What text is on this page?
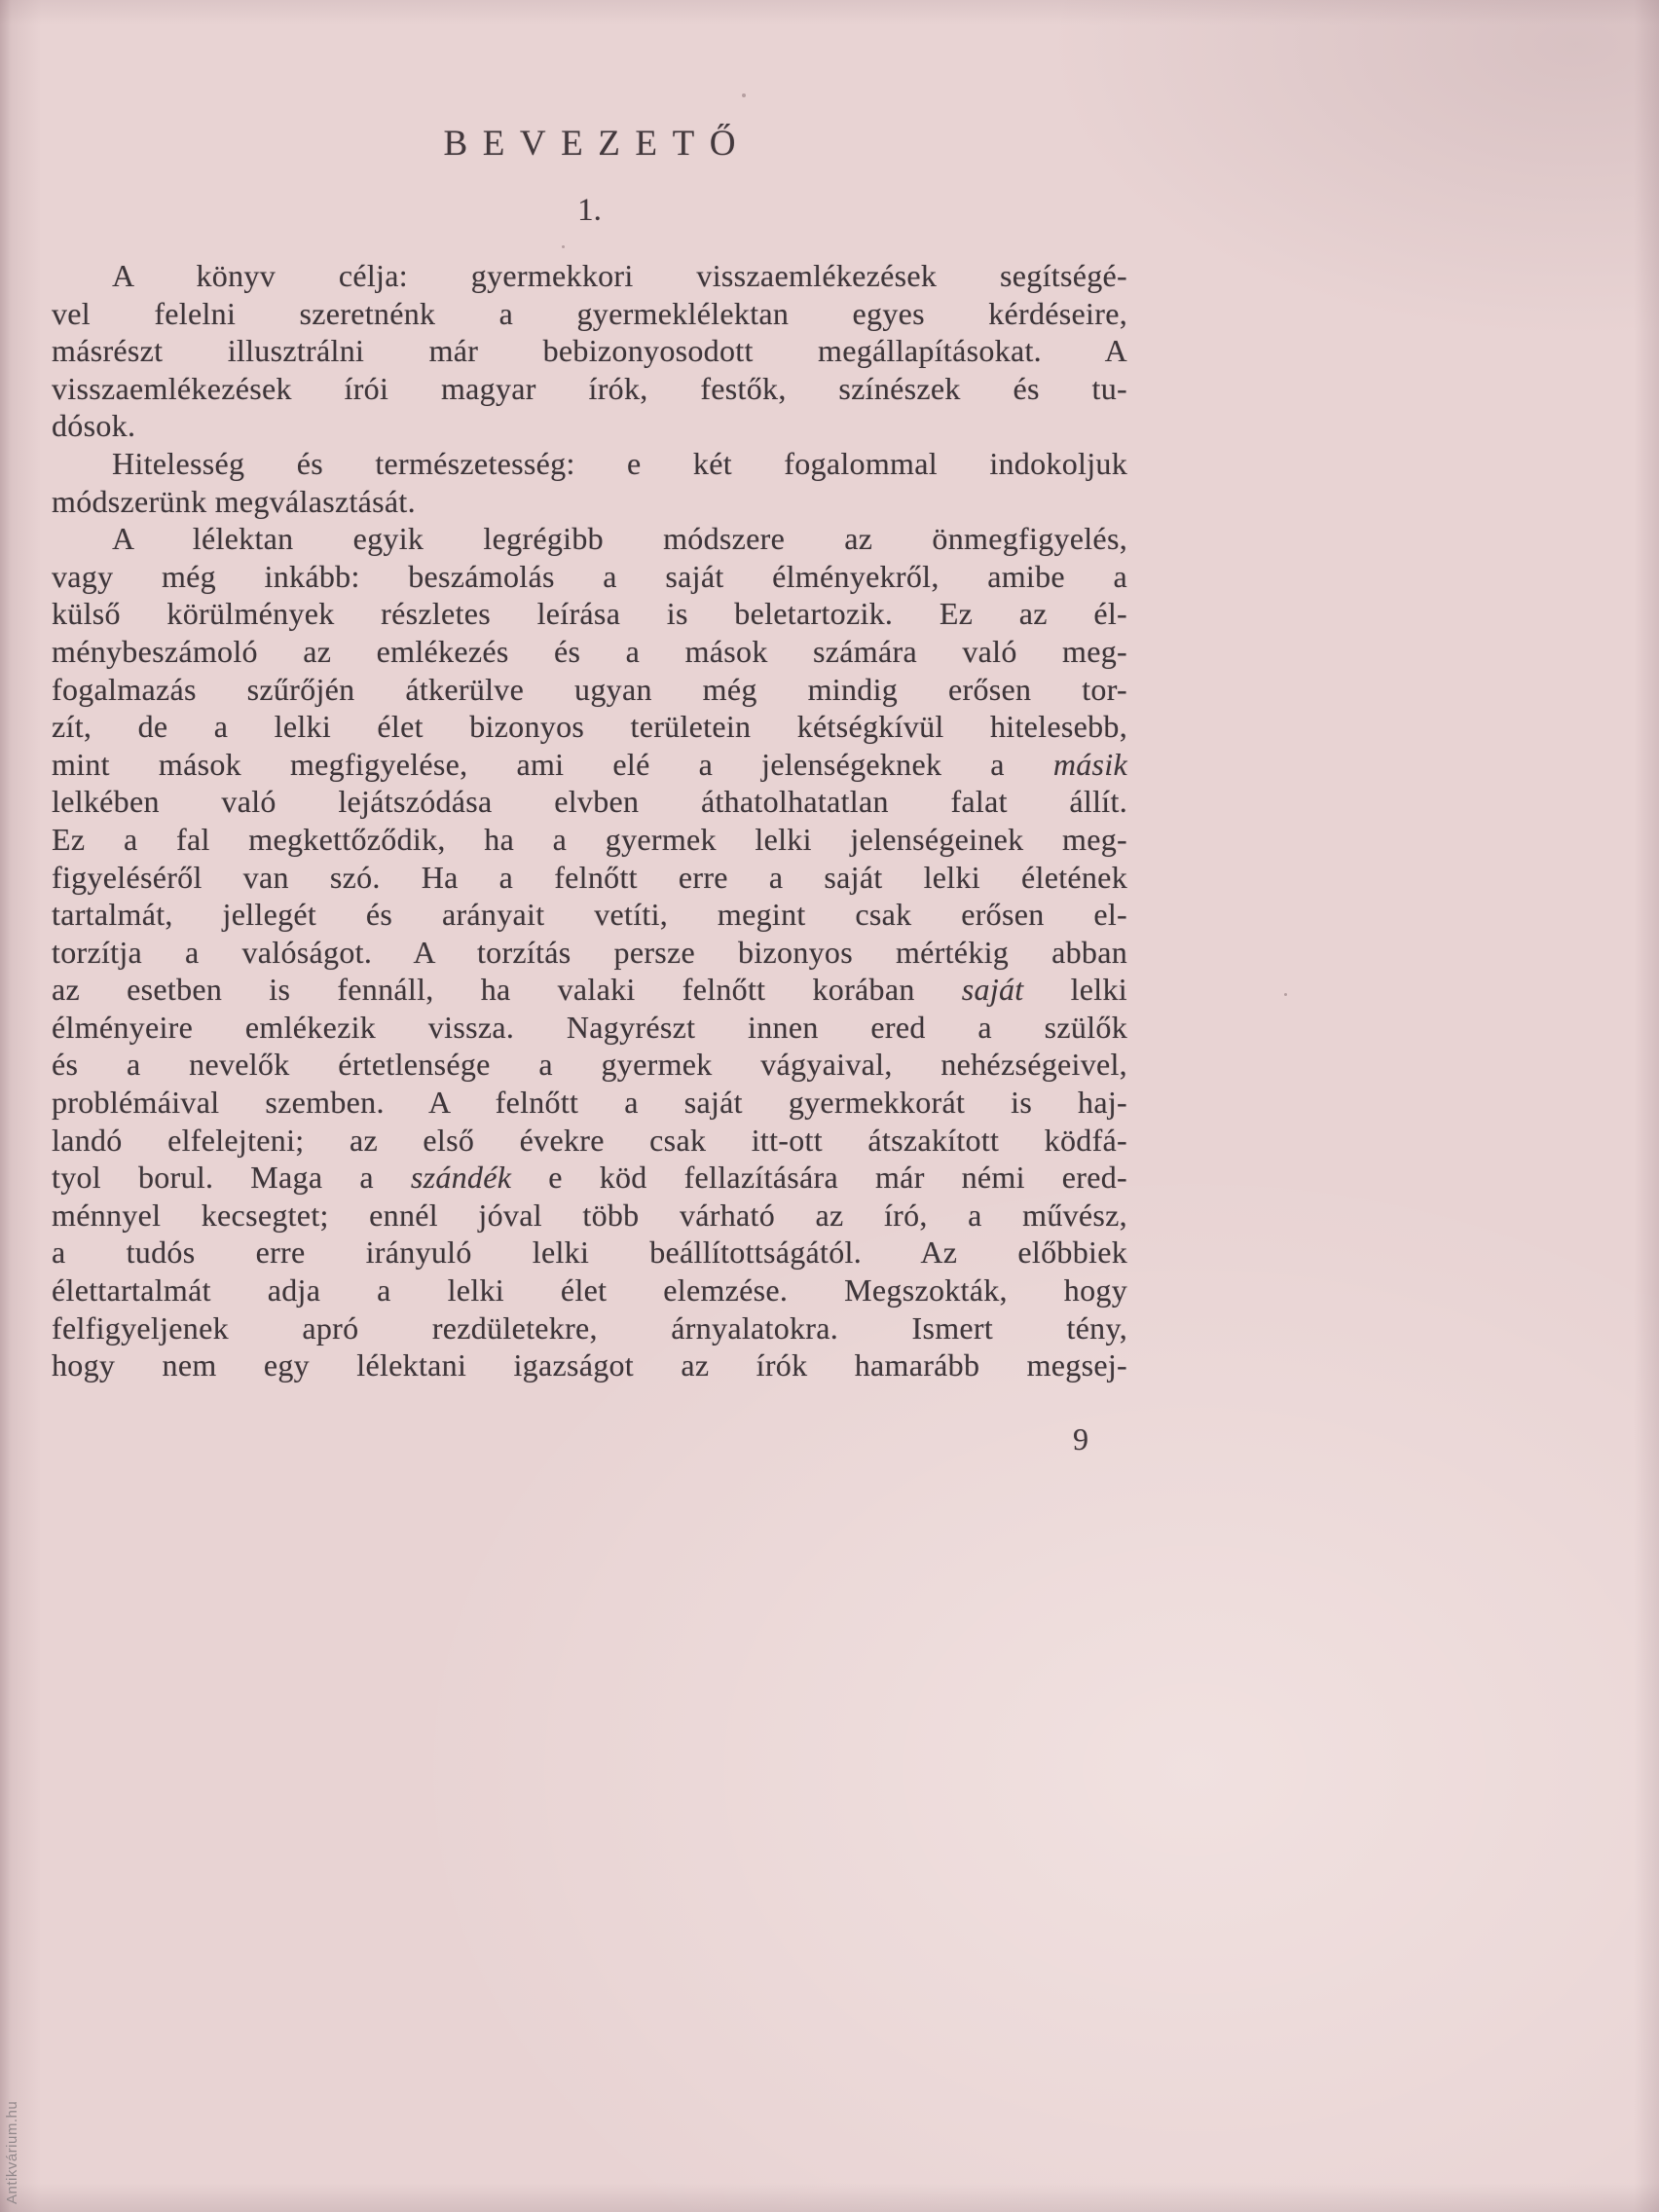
BEVEZETŐ
1.
A könyv célja: gyermekkori visszaemlékezések segítségé-
vel felelni szeretnénk a gyermeklélektan egyes kérdéseire,
másrészt illusztrálni már bebizonyosodott megállapításokat. A
visszaemlékezések írói magyar írók, festők, színészek és tu-
dósok.
Hitelesség és természetesség: e két fogalommal indokoljuk
módszerünk megválasztását.
A lélektan egyik legrégibb módszere az önmegfigyelés,
vagy még inkább: beszámolás a saját élményekről, amibe a
külső körülmények részletes leírása is beletartozik. Ez az él-
ménybeszámoló az emlékezés és a mások számára való meg-
fogalmazás szűrőjén átkerülve ugyan még mindig erősen tor-
zít, de a lelki élet bizonyos területein kétségkívül hitelesebb,
mint mások megfigyelése, ami elé a jelenségeknek a másik
lelkében való lejátszódása elvben áthatolhatatlan falat állít.
Ez a fal megkettőződik, ha a gyermek lelki jelenségeinek meg-
figyeléséről van szó. Ha a felnőtt erre a saját lelki életének
tartalmát, jellegét és arányait vetíti, megint csak erősen el-
torzítja a valóságot. A torzítás persze bizonyos mértékig abban
az esetben is fennáll, ha valaki felnőtt korában saját lelki
élményeire emlékezik vissza. Nagyrészt innen ered a szülők
és a nevelők értetlensége a gyermek vágyaival, nehézségeivel,
problémáival szemben. A felnőtt a saját gyermekkorát is haj-
landó elfelejteni; az első évekre csak itt-ott átszakított ködfá-
tyol borul. Maga a szándék e köd fellazítására már némi ered-
ménnyel kecsegtet; ennél jóval több várható az író, a művész,
a tudós erre irányuló lelki beállítottságától. Az előbbiek
élettartalmát adja a lelki élet elemzése. Megszokták, hogy
felfigyeljenek apró rezdületekre, árnyalatokra. Ismert tény,
hogy nem egy lélektani igazságot az írók hamarább megsej-
9
Antikvárium.hu
